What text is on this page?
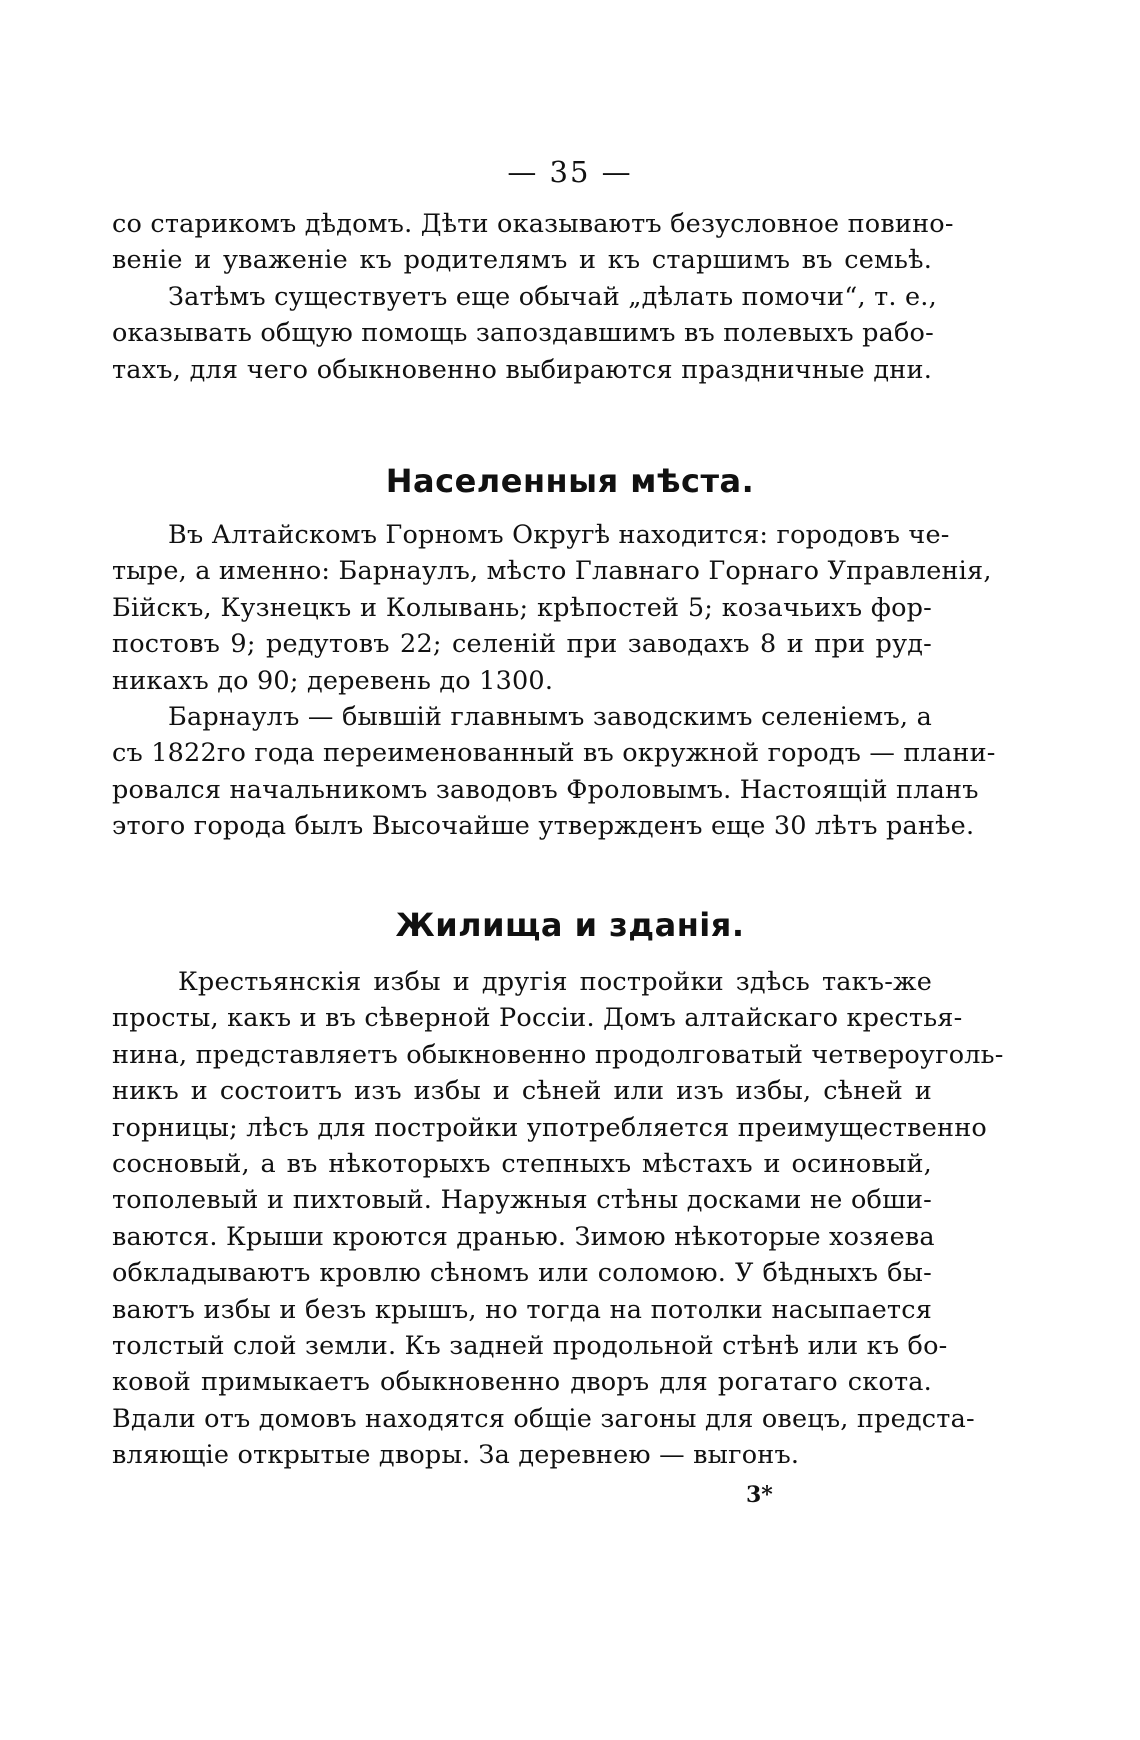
— 35 —

со старикомъ дѣдомъ. Дѣти оказываютъ безусловное повино-
веніе и уваженіе къ родителямъ и къ старшимъ въ семьѣ.
Затѣмъ существуетъ еще обычай „дѣлать помочи“, т. е.,
оказывать общую помощь запоздавшимъ въ полевыхъ рабо-
тахъ, для чего обыкновенно выбираются праздничные дни.
Населенныя мѣста.
Въ Алтайскомъ Горномъ Округѣ находится: городовъ че-
тыре, а именно: Барнаулъ, мѣсто Главнаго Горнаго Управленія,
Бійскъ, Кузнецкъ и Колывань; крѣпостей 5; козачьихъ фор-
постовъ 9; редутовъ 22; селеній при заводахъ 8 и при руд-
никахъ до 90; деревень до 1300.
Барнаулъ — бывшій главнымъ заводскимъ селеніемъ, а
съ 1822го года переименованный въ окружной городъ — плани-
ровался начальникомъ заводовъ Фроловымъ. Настоящій планъ
этого города былъ Высочайше утвержденъ еще 30 лѣтъ ранѣе.
Жилища и зданія.
Крестьянскія избы и другія постройки здѣсь такъ-же
просты, какъ и въ сѣверной Россіи. Домъ алтайскаго крестья-
нина, представляетъ обыкновенно продолговатый четвероуголь-
никъ и состоитъ изъ избы и сѣней или изъ избы, сѣней и
горницы; лѣсъ для постройки употребляется преимущественно
сосновый, а въ нѣкоторыхъ степныхъ мѣстахъ и осиновый,
тополевый и пихтовый. Наружныя стѣны досками не обши-
ваются. Крыши кроются дранью. Зимою нѣкоторые хозяева
обкладываютъ кровлю сѣномъ или соломою. У бѣдныхъ бы-
ваютъ избы и безъ крышъ, но тогда на потолки насыпается
толстый слой земли. Къ задней продольной стѣнѣ или къ бо-
ковой примыкаетъ обыкновенно дворъ для рогатаго скота.
Вдали отъ домовъ находятся общіе загоны для овецъ, предста-
вляющіе открытые дворы. За деревнею — выгонъ.

3*
